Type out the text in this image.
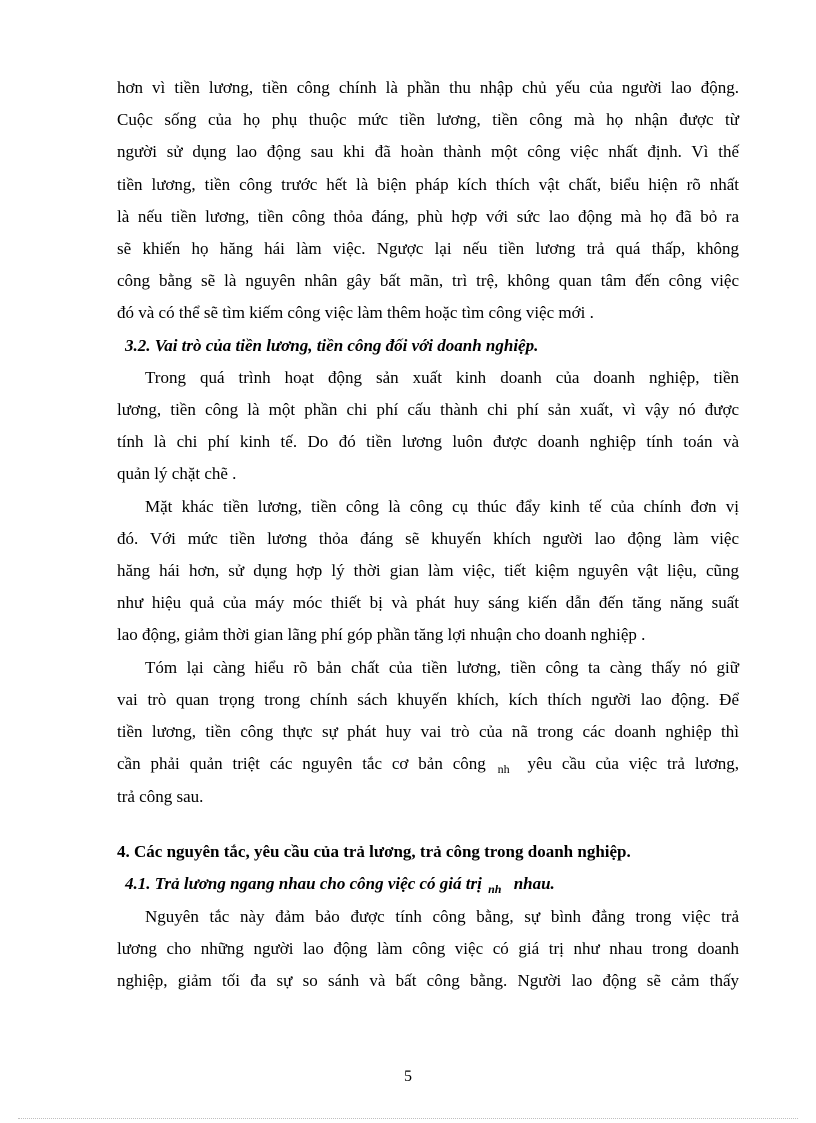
hơn vì tiền lương, tiền công chính là phần thu nhập chủ yếu của người lao động.
Cuộc sống của họ phụ thuộc mức tiền lương, tiền công mà họ nhận được từ
người sử dụng lao động sau khi đã hoàn thành một công việc nhất định. Vì thế
tiền lương, tiền công trước hết là biện pháp kích thích vật chất, biểu hiện rõ nhất
là nếu tiền lương, tiền công thỏa đáng, phù hợp với sức lao động mà họ đã bỏ ra
sẽ khiến họ hăng hái làm việc. Ngược lại nếu tiền lương trả quá thấp, không
công bằng sẽ là nguyên nhân gây bất mãn, trì trệ, không quan tâm đến công việc
đó và có thể sẽ tìm kiếm công việc làm thêm hoặc tìm công việc mới .
3.2. Vai trò của tiền lương, tiền công đối với doanh nghiệp.
Trong quá trình hoạt động sản xuất kinh doanh của doanh nghiệp, tiền
lương, tiền công là một phần chi phí cấu thành chi phí sản xuất, vì vậy nó được
tính là chi phí kinh tế. Do đó tiền lương luôn được doanh nghiệp tính toán và
quản lý chặt chẽ .
Mặt khác tiền lương, tiền công là công cụ thúc đẩy kinh tế của chính đơn vị
đó. Với mức tiền lương thỏa đáng sẽ khuyến khích người lao động làm việc
hăng hái hơn, sử dụng hợp lý thời gian làm việc, tiết kiệm nguyên vật liệu, cũng
như hiệu quả của máy móc thiết bị và phát huy sáng kiến dẫn đến tăng năng suất
lao động, giảm thời gian lãng phí góp phần tăng lợi nhuận cho doanh nghiệp .
Tóm lại càng hiểu rõ bản chất của tiền lương, tiền công ta càng thấy nó giữ
vai trò quan trọng trong chính sách khuyến khích, kích thích người lao động. Để
tiền lương, tiền công thực sự phát huy vai trò của nã trong các doanh nghiệp thì
cần phải quản triệt các nguyên tắc cơ bản công $_{nh}$ yêu cầu của việc trả lương,
trả công sau.
4. Các nguyên tắc, yêu cầu của trả lương, trả công trong doanh nghiệp.
4.1. Trả lương ngang nhau cho công việc có giá trị $_{nh}$ nhau.
Nguyên tắc này đảm bảo được tính công bằng, sự bình đẳng trong việc trả
lương cho những người lao động làm công việc có giá trị như nhau trong doanh
nghiệp, giảm tối đa sự so sánh và bất công bằng. Người lao động sẽ cảm thấy
5
